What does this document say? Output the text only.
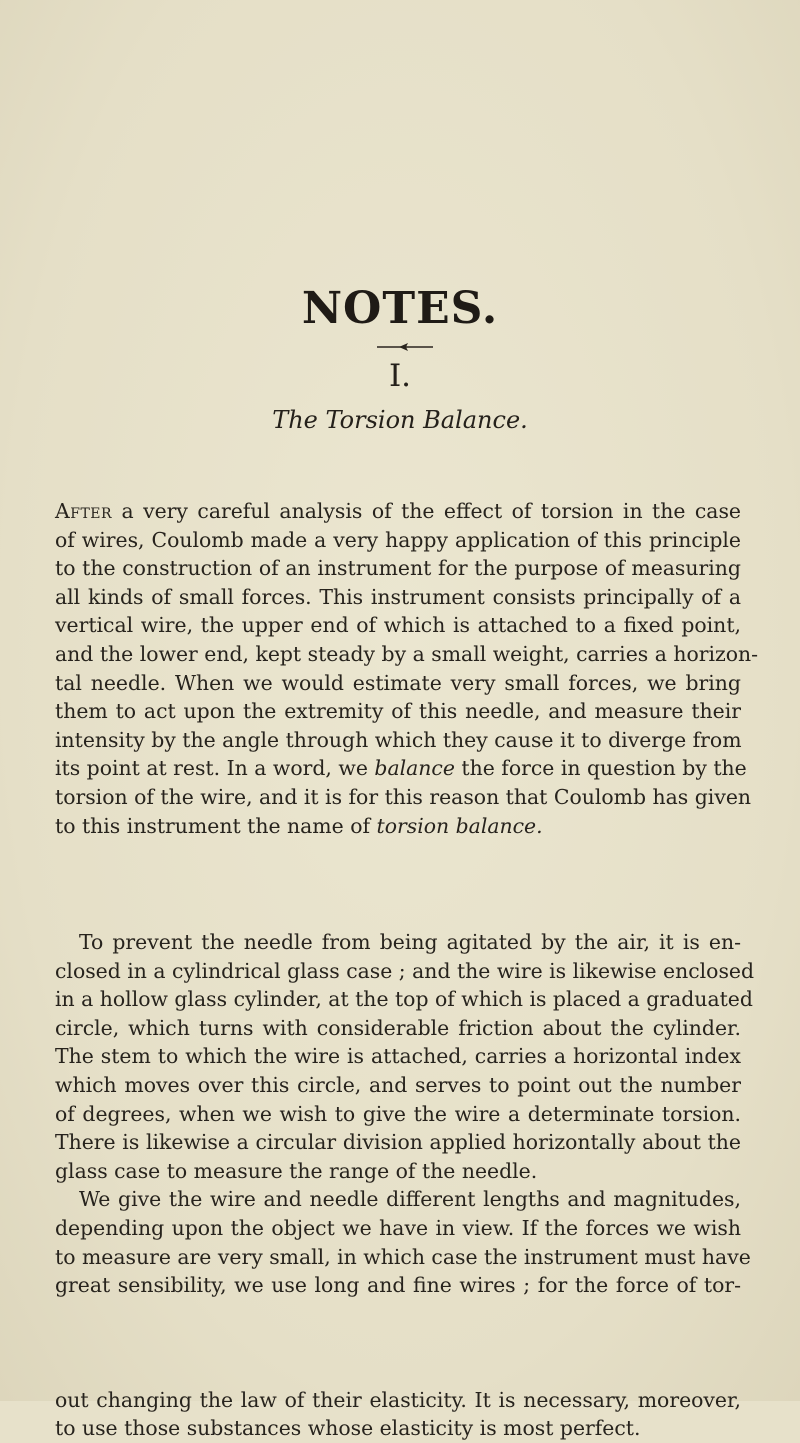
NOTES.
I.
The Torsion Balance.
After a very careful analysis of the effect of torsion in the case
of wires, Coulomb made a very happy application of this principle
to the construction of an instrument for the purpose of measuring
all kinds of small forces. This instrument consists principally of a
vertical wire, the upper end of which is attached to a fixed point,
and the lower end, kept steady by a small weight, carries a horizon-
tal needle. When we would estimate very small forces, we bring
them to act upon the extremity of this needle, and measure their
intensity by the angle through which they cause it to diverge from
its point at rest. In a word, we balance the force in question by the
torsion of the wire, and it is for this reason that Coulomb has given
to this instrument the name of torsion balance.
To prevent the needle from being agitated by the air, it is en-
closed in a cylindrical glass case ; and the wire is likewise enclosed
in a hollow glass cylinder, at the top of which is placed a graduated
circle, which turns with considerable friction about the cylinder.
The stem to which the wire is attached, carries a horizontal index
which moves over this circle, and serves to point out the number
of degrees, when we wish to give the wire a determinate torsion.
There is likewise a circular division applied horizontally about the
glass case to measure the range of the needle.
We give the wire and needle different lengths and magnitudes,
depending upon the object we have in view. If the forces we wish
to measure are very small, in which case the instrument must have
great sensibility, we use long and fine wires ; for the force of tor-
out changing the law of their elasticity. It is necessary, moreover,
to use those substances whose elasticity is most perfect.
